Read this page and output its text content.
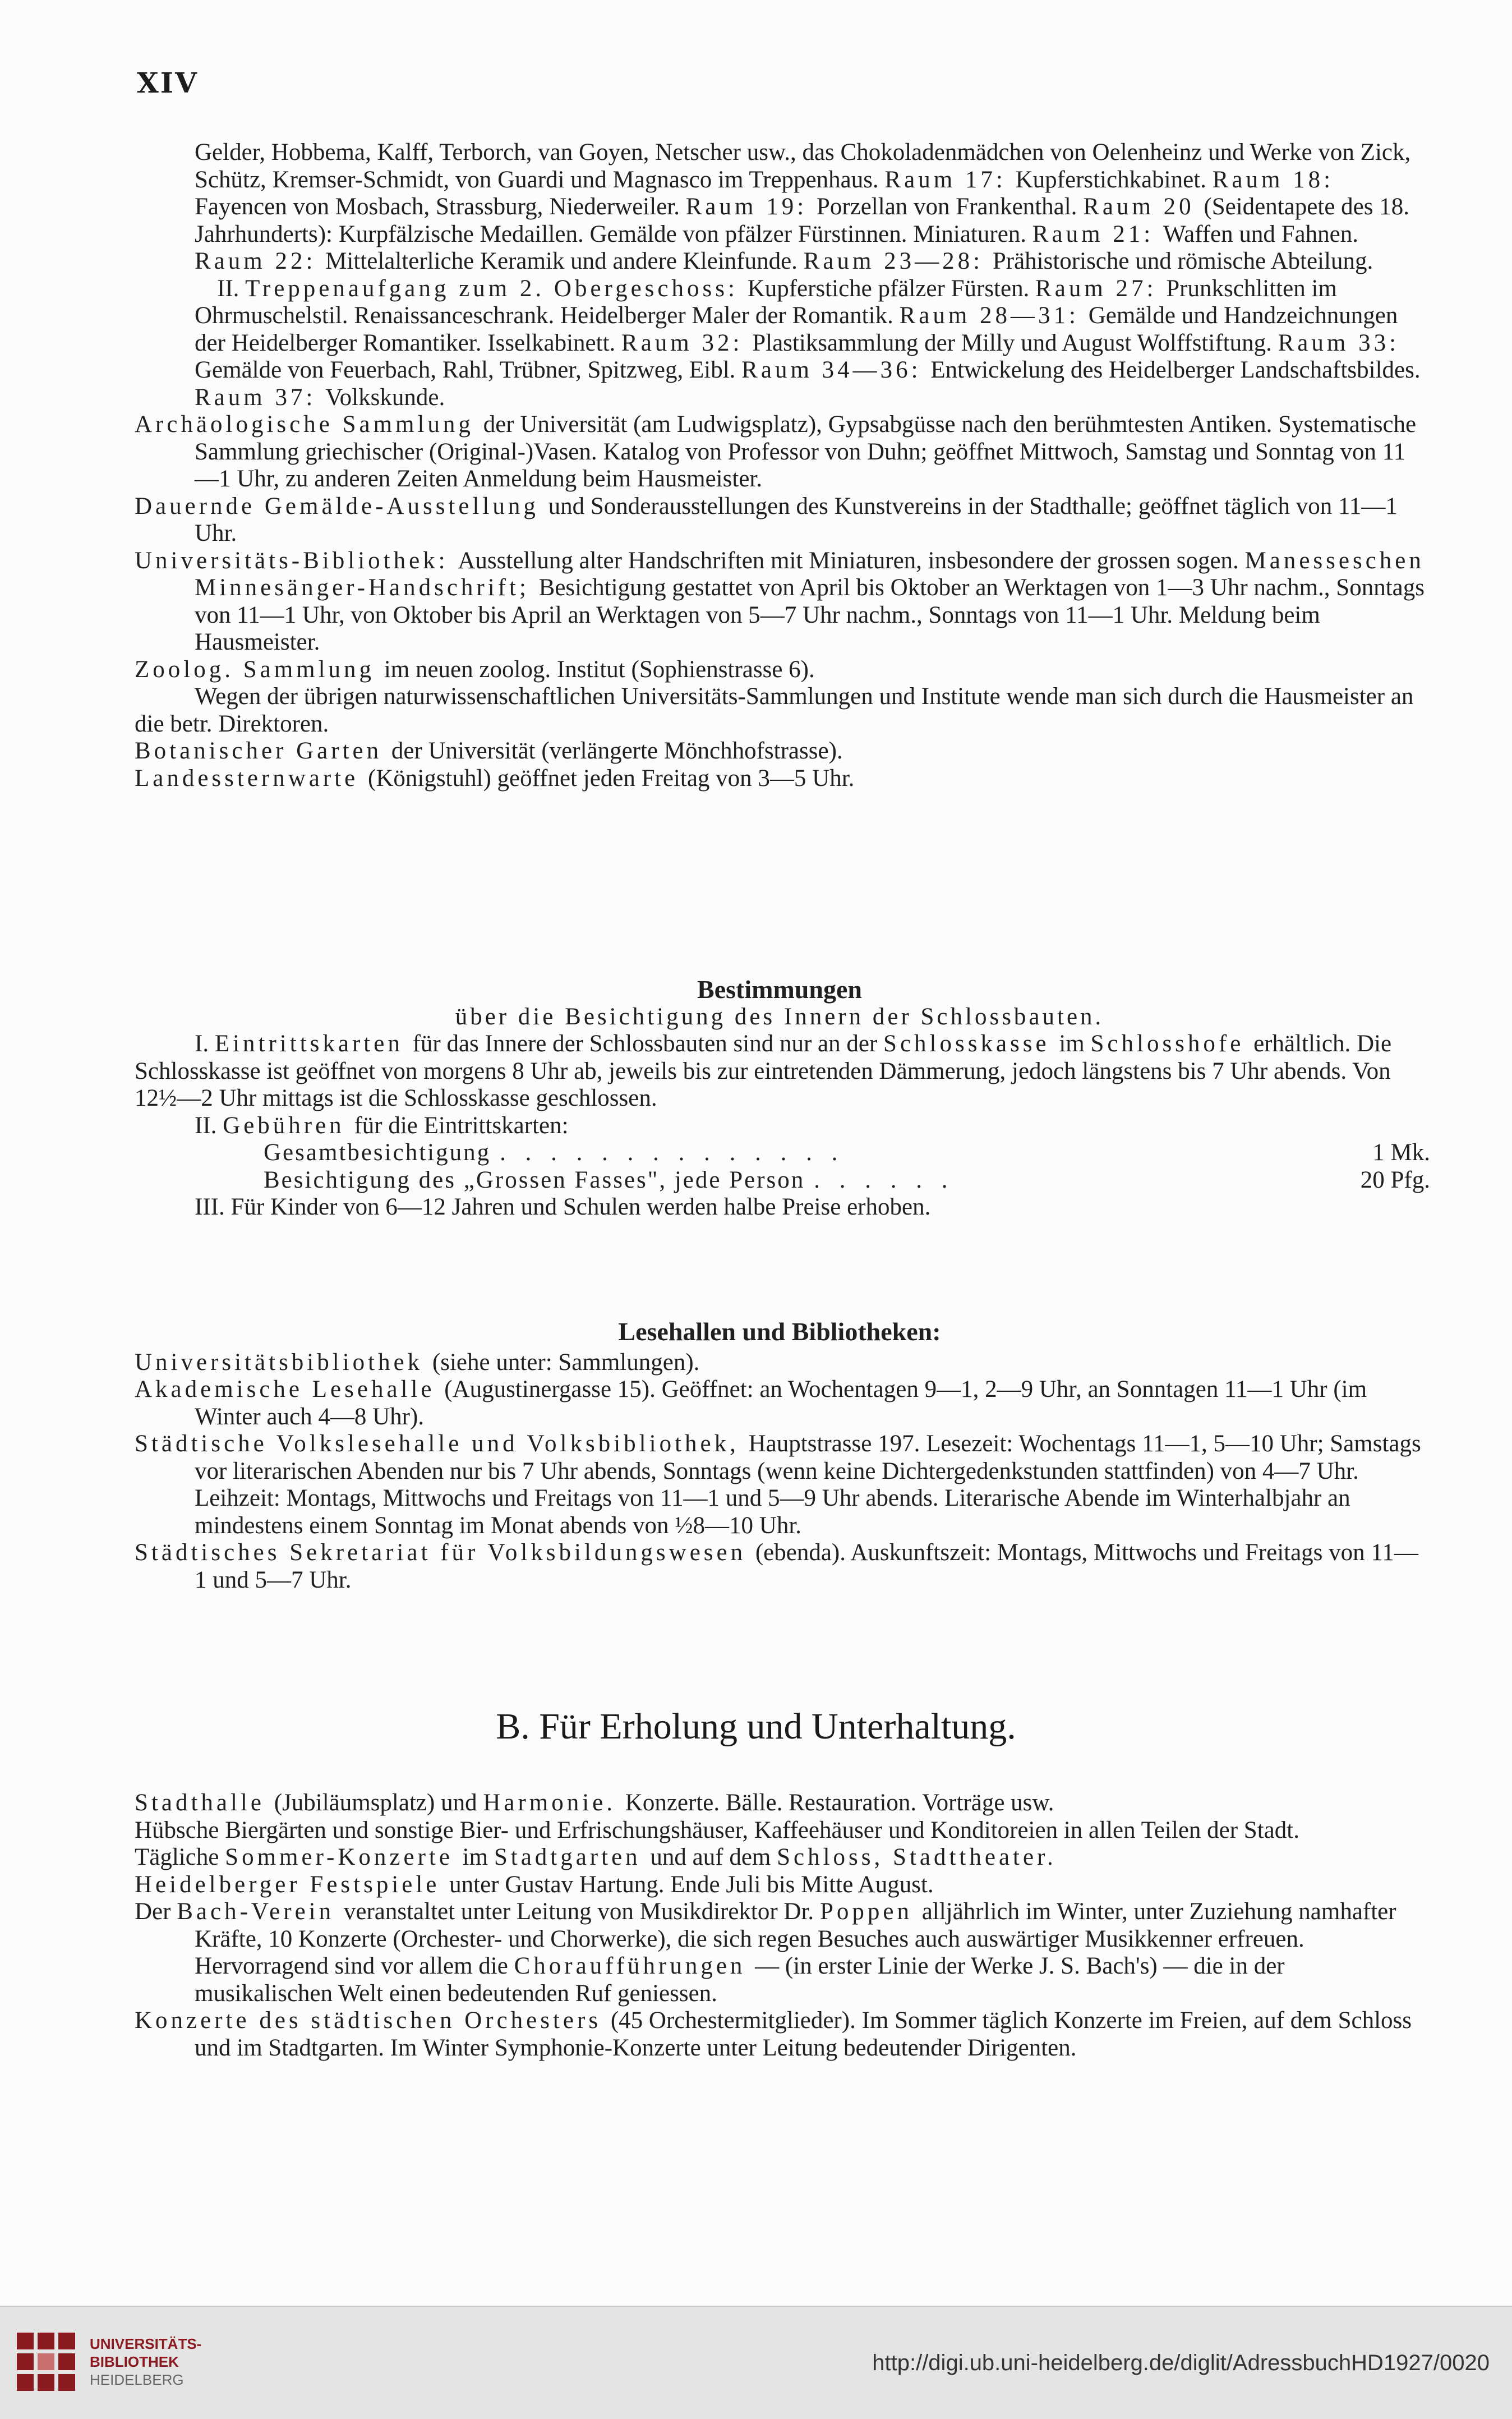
XIV

Gelder, Hobbema, Kalff, Terborch, van Goyen, Netscher usw., das Chokoladenmädchen von Oelenheinz und Werke von Zick, Schütz, Kremser-Schmidt, von Guardi und Magnasco im Treppenhaus. Raum 17: Kupferstichkabinet. Raum 18: Fayencen von Mosbach, Strassburg, Niederweiler. Raum 19: Porzellan von Frankenthal. Raum 20 (Seidentapete des 18. Jahrhunderts): Kurpfälzische Medaillen. Gemälde von pfälzer Fürstinnen. Miniaturen. Raum 21: Waffen und Fahnen. Raum 22: Mittelalterliche Keramik und andere Kleinfunde. Raum 23—28: Prähistorische und römische Abteilung.

II. Treppenaufgang zum 2. Obergeschoss: Kupferstiche pfälzer Fürsten. Raum 27: Prunkschlitten im Ohrmuschelstil. Renaissanceschrank. Heidelberger Maler der Romantik. Raum 28—31: Gemälde und Handzeichnungen der Heidelberger Romantiker. Isselkabinett. Raum 32: Plastiksammlung der Milly und August Wolffstiftung. Raum 33: Gemälde von Feuerbach, Rahl, Trübner, Spitzweg, Eibl. Raum 34—36: Entwickelung des Heidelberger Landschaftsbildes. Raum 37: Volkskunde.

Archäologische Sammlung der Universität (am Ludwigsplatz), Gypsabgüsse nach den berühmtesten Antiken. Systematische Sammlung griechischer (Original-)Vasen. Katalog von Professor von Duhn; geöffnet Mittwoch, Samstag und Sonntag von 11—1 Uhr, zu anderen Zeiten Anmeldung beim Hausmeister.

Dauernde Gemälde-Ausstellung und Sonderausstellungen des Kunstvereins in der Stadthalle; geöffnet täglich von 11—1 Uhr.

Universitäts-Bibliothek: Ausstellung alter Handschriften mit Miniaturen, insbesondere der grossen sogen. Manesseschen Minnesänger-Handschrift; Besichtigung gestattet von April bis Oktober an Werktagen von 1—3 Uhr nachm., Sonntags von 11—1 Uhr, von Oktober bis April an Werktagen von 5—7 Uhr nachm., Sonntags von 11—1 Uhr. Meldung beim Hausmeister.

Zoolog. Sammlung im neuen zoolog. Institut (Sophienstrasse 6).

Wegen der übrigen naturwissenschaftlichen Universitäts-Sammlungen und Institute wende man sich durch die Hausmeister an die betr. Direktoren.

Botanischer Garten der Universität (verlängerte Mönchhofstrasse).

Landessternwarte (Königstuhl) geöffnet jeden Freitag von 3—5 Uhr.

Bestimmungen

über die Besichtigung des Innern der Schlossbauten.

I. Eintrittskarten für das Innere der Schlossbauten sind nur an der Schlosskasse im Schlosshofe erhältlich. Die Schlosskasse ist geöffnet von morgens 8 Uhr ab, jeweils bis zur eintretenden Dämmerung, jedoch längstens bis 7 Uhr abends. Von 12½—2 Uhr mittags ist die Schlosskasse geschlossen.

II. Gebühren für die Eintrittskarten:

Gesamtbesichtigung . . . . . . . . . . . . . .	1 Mk.
Besichtigung des „Grossen Fasses", jede Person . . . . . .	20 Pfg.

III. Für Kinder von 6—12 Jahren und Schulen werden halbe Preise erhoben.

Lesehallen und Bibliotheken:

Universitätsbibliothek (siehe unter: Sammlungen).

Akademische Lesehalle (Augustinergasse 15). Geöffnet: an Wochentagen 9—1, 2—9 Uhr, an Sonntagen 11—1 Uhr (im Winter auch 4—8 Uhr).

Städtische Volkslesehalle und Volksbibliothek, Hauptstrasse 197. Lesezeit: Wochentags 11—1, 5—10 Uhr; Samstags vor literarischen Abenden nur bis 7 Uhr abends, Sonntags (wenn keine Dichtergedenkstunden stattfinden) von 4—7 Uhr. Leihzeit: Montags, Mittwochs und Freitags von 11—1 und 5—9 Uhr abends. Literarische Abende im Winterhalbjahr an mindestens einem Sonntag im Monat abends von ½8—10 Uhr.

Städtisches Sekretariat für Volksbildungswesen (ebenda). Auskunftszeit: Montags, Mittwochs und Freitags von 11—1 und 5—7 Uhr.

B. Für Erholung und Unterhaltung.

Stadthalle (Jubiläumsplatz) und Harmonie. Konzerte. Bälle. Restauration. Vorträge usw.

Hübsche Biergärten und sonstige Bier- und Erfrischungshäuser, Kaffeehäuser und Konditoreien in allen Teilen der Stadt.

Tägliche Sommer-Konzerte im Stadtgarten und auf dem Schloss, Stadttheater.

Heidelberger Festspiele unter Gustav Hartung. Ende Juli bis Mitte August.

Der Bach-Verein veranstaltet unter Leitung von Musikdirektor Dr. Poppen alljährlich im Winter, unter Zuziehung namhafter Kräfte, 10 Konzerte (Orchester- und Chorwerke), die sich regen Besuches auch auswärtiger Musikkenner erfreuen. Hervorragend sind vor allem die Choraufführungen — (in erster Linie der Werke J. S. Bach's) — die in der musikalischen Welt einen bedeutenden Ruf geniessen.

Konzerte des städtischen Orchesters (45 Orchestermitglieder). Im Sommer täglich Konzerte im Freien, auf dem Schloss und im Stadtgarten. Im Winter Symphonie-Konzerte unter Leitung bedeutender Dirigenten.

UNIVERSITÄTS-
BIBLIOTHEK
HEIDELBERG
http://digi.ub.uni-heidelberg.de/diglit/AdressbuchHD1927/0020
